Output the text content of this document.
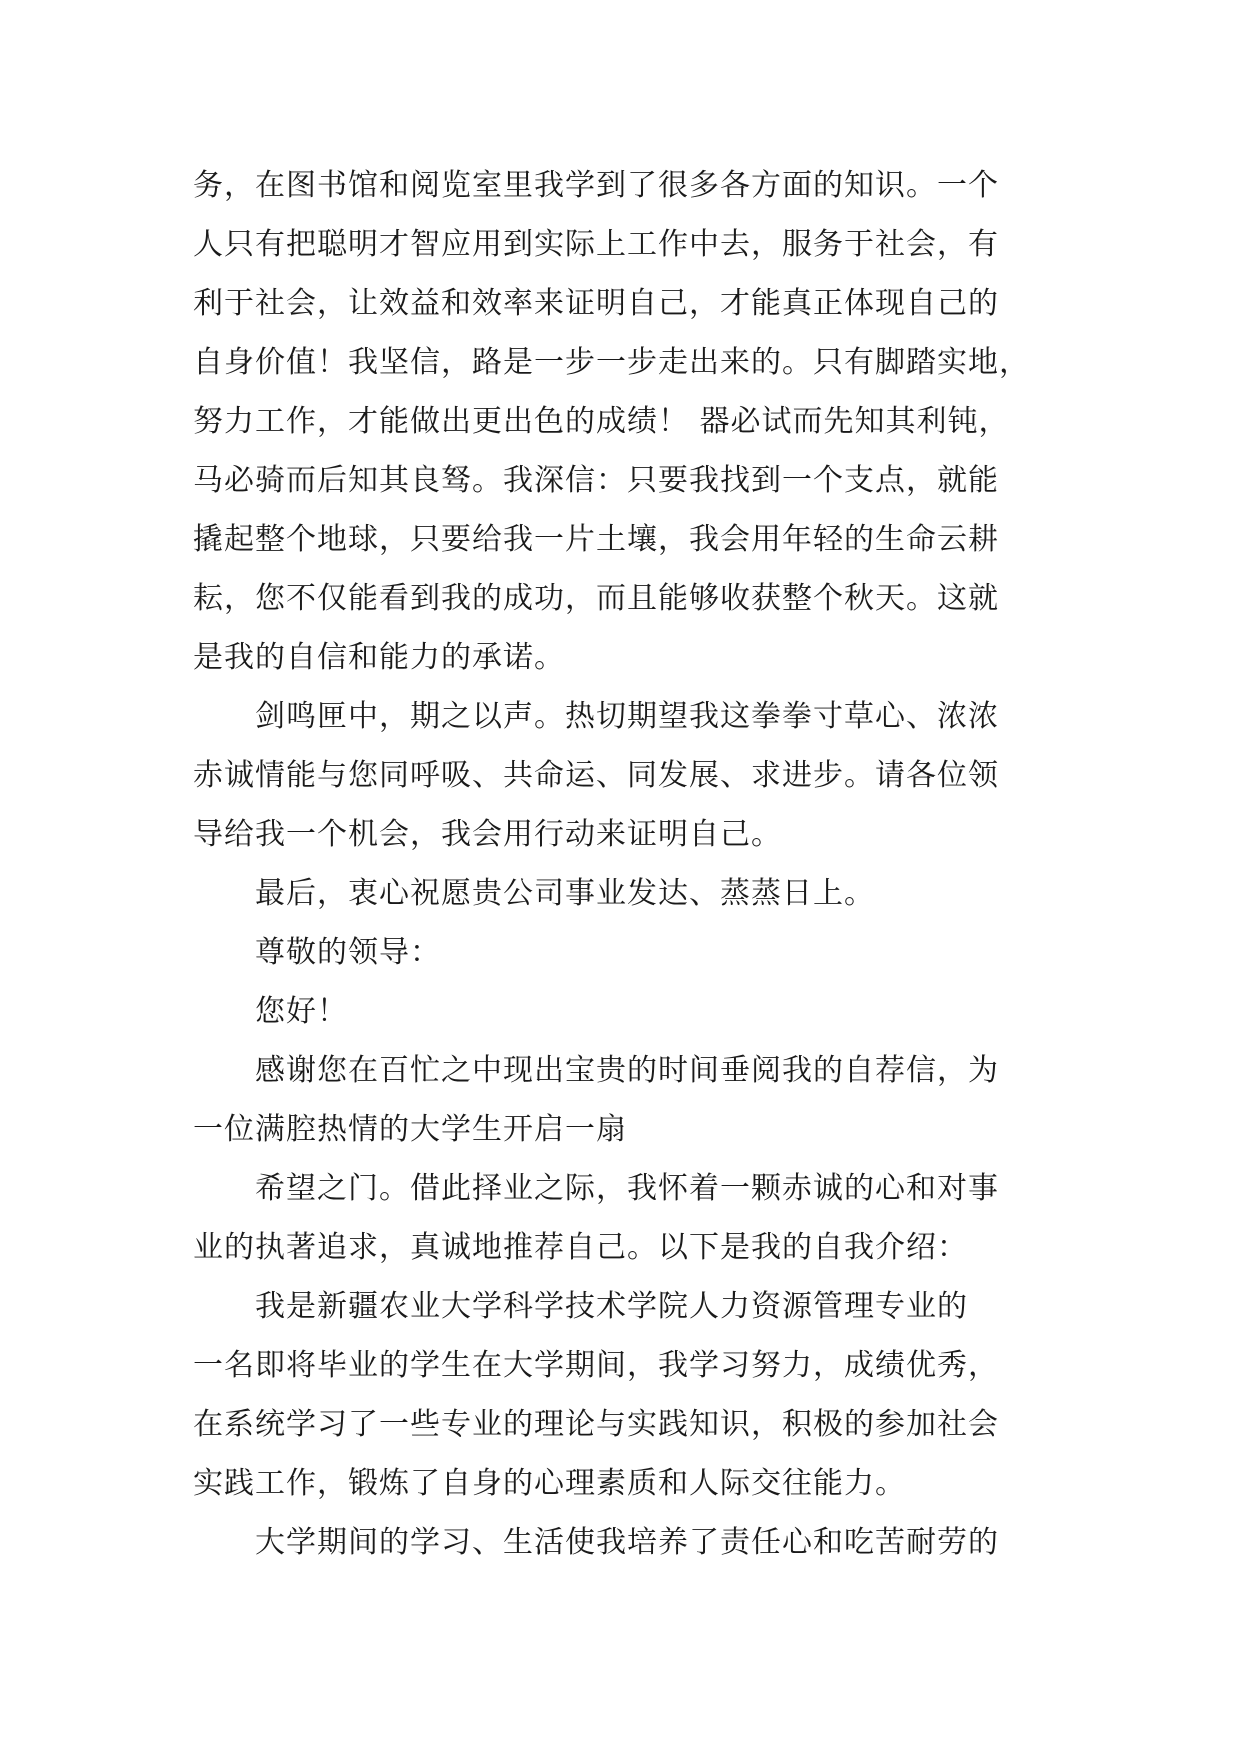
务，在图书馆和阅览室里我学到了很多各方面的知识。一个
人只有把聪明才智应用到实际上工作中去，服务于社会，有
利于社会，让效益和效率来证明自己，才能真正体现自己的
自身价值！我坚信，路是一步一步走出来的。只有脚踏实地，
努力工作，才能做出更出色的成绩！ 器必试而先知其利钝，
马必骑而后知其良驽。我深信：只要我找到一个支点，就能
撬起整个地球，只要给我一片土壤，我会用年轻的生命云耕
耘，您不仅能看到我的成功，而且能够收获整个秋天。这就
是我的自信和能力的承诺。
剑鸣匣中，期之以声。热切期望我这拳拳寸草心、浓浓
赤诚情能与您同呼吸、共命运、同发展、求进步。请各位领
导给我一个机会，我会用行动来证明自己。
最后，衷心祝愿贵公司事业发达、蒸蒸日上。
尊敬的领导：
您好！
感谢您在百忙之中现出宝贵的时间垂阅我的自荐信，为
一位满腔热情的大学生开启一扇
希望之门。借此择业之际，我怀着一颗赤诚的心和对事
业的执著追求，真诚地推荐自己。以下是我的自我介绍：
我是新疆农业大学科学技术学院人力资源管理专业的
一名即将毕业的学生在大学期间，我学习努力，成绩优秀，
在系统学习了一些专业的理论与实践知识，积极的参加社会
实践工作，锻炼了自身的心理素质和人际交往能力。
大学期间的学习、生活使我培养了责任心和吃苦耐劳的
